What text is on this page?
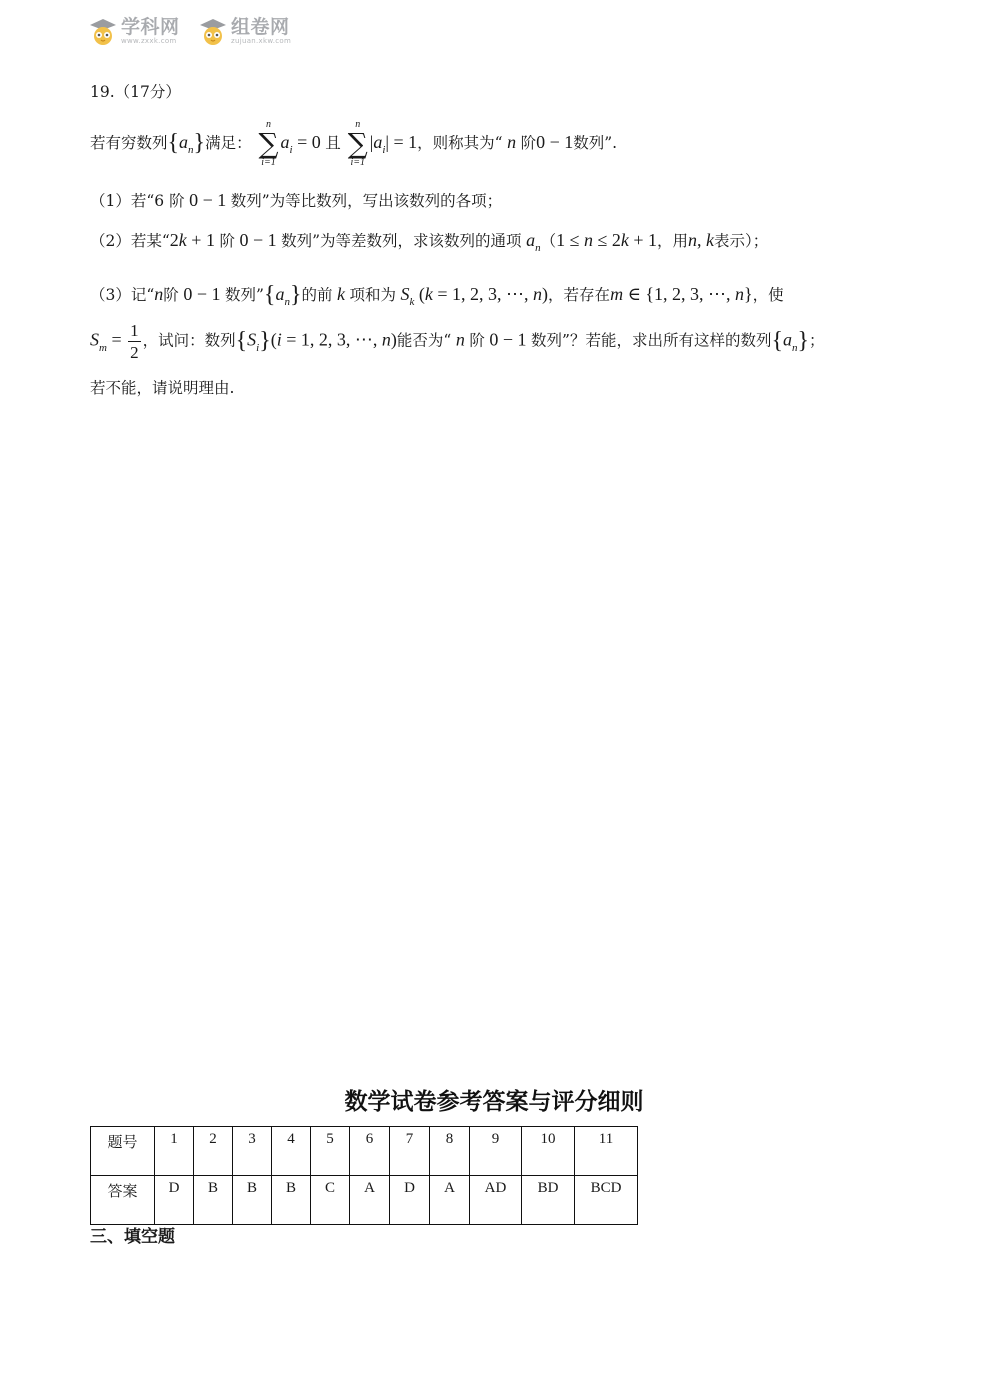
学科网
www.zxxk.com
组卷网
zujuan.xkw.com
19.（17分）
若有穷数列$\{a_n\}$满足：
n
∑
i=1
$a_i = 0$ 且
n
∑
i=1
$|a_i| = 1$，则称其为“ n 阶0 − 1数列”.
（1）若“6 阶 0 − 1 数列”为等比数列，写出该数列的各项；
（2）若某“2k + 1 阶 0 − 1 数列”为等差数列，求该数列的通项 $a_n(1 \le n \le 2k + 1$，用n, k表示）；
（3）记“n阶 0 − 1 数列$”\{a_n\}$的前 k 项和为 $S_k$ (k = 1, 2, 3, ⋯, n)，若存在m ∈ {1, 2, 3, ⋯, n}，使
$S_m = \frac{1}{2}$ ，试问：数列$\{S_i\}(i = 1$, 2, 3, ⋯, n)能否为“ n 阶 0 − 1 数列”？若能，求出所有这样的数列$\{a_n\}$；
若不能，请说明理由.
数学试卷参考答案与评分细则
题号	1	2	3	4	5	6	7	8	9	10	11
答案	D	B	B	B	C	A	D	A	AD	BD	BCD
三、填空题
